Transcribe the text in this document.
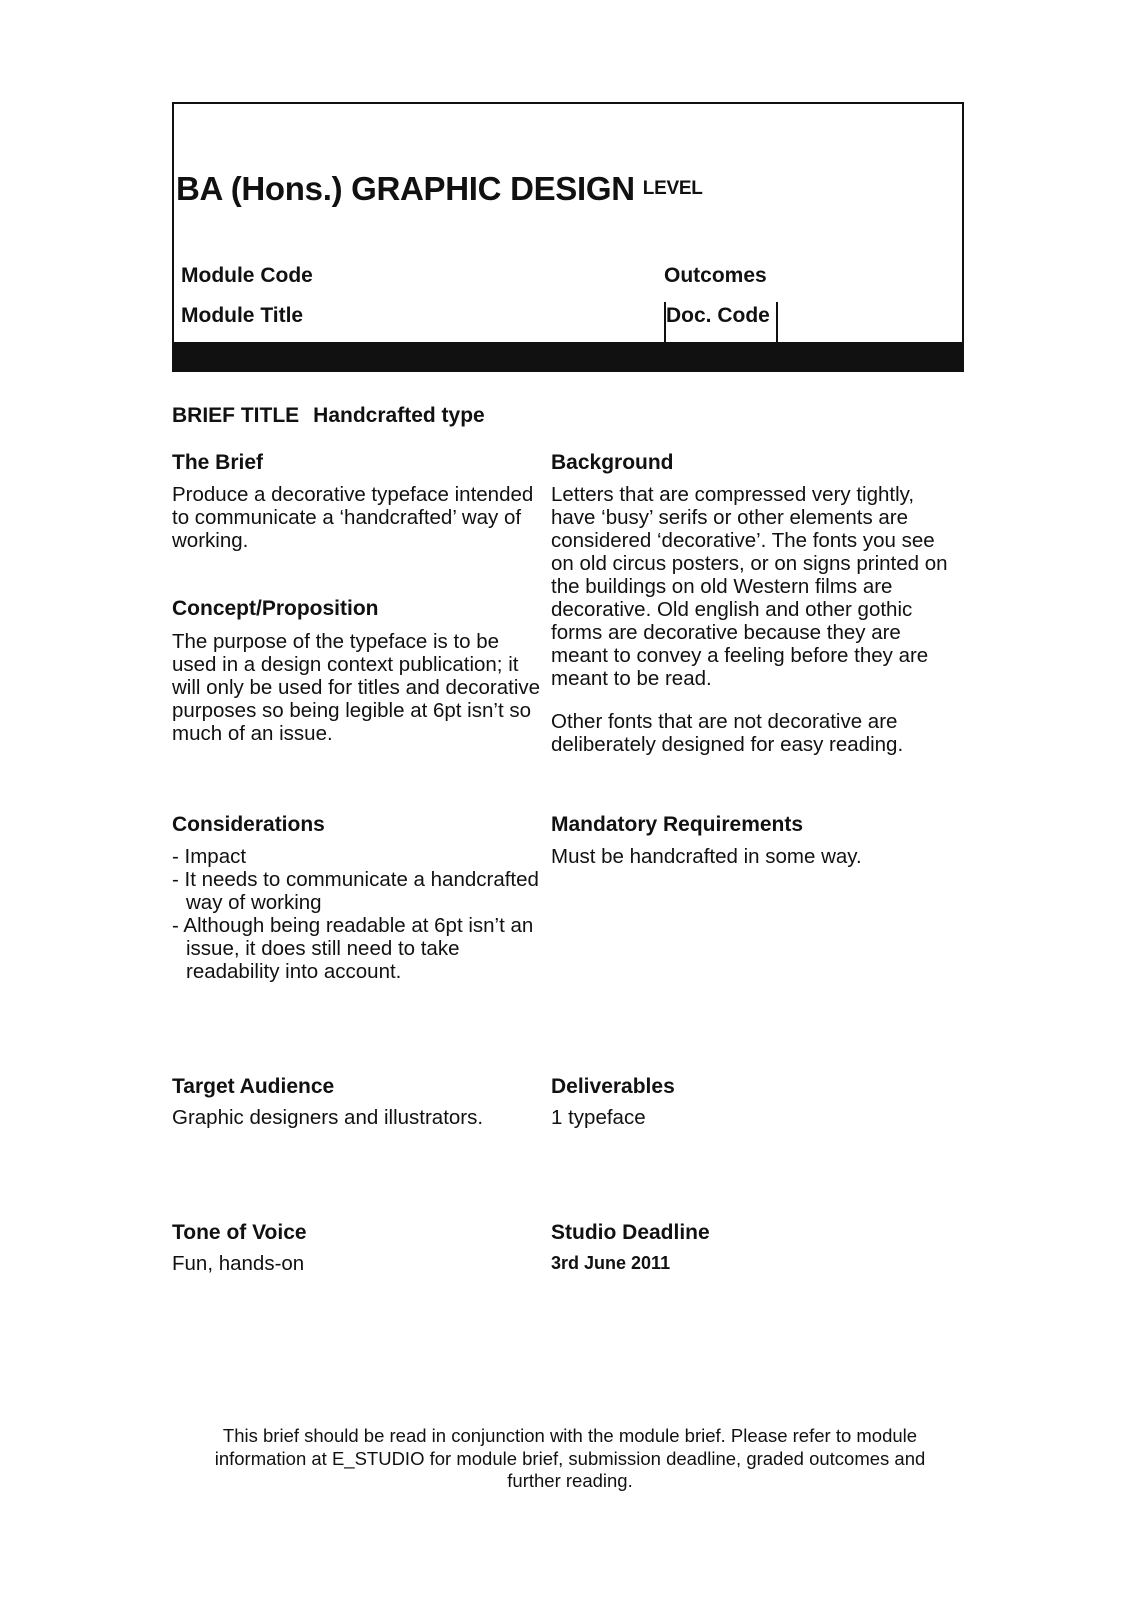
BA (Hons.) GRAPHIC DESIGN LEVEL
Module Code
Module Title
Outcomes
Doc. Code
BRIEF TITLE Handcrafted type
The Brief
Produce a decorative typeface intended to communicate a ‘handcrafted’ way of working.
Concept/Proposition
The purpose of the typeface is to be used in a design context publication; it will only be used for titles and decorative purposes so being legible at 6pt isn’t so much of an issue.
Considerations
- Impact
- It needs to communicate a handcrafted way of working
- Although being readable at 6pt isn’t an issue, it does still need to take readability into account.
Target Audience
Graphic designers and illustrators.
Tone of Voice
Fun, hands-on
Background
Letters that are compressed very tightly, have ‘busy’ serifs or other elements are considered ‘decorative’. The fonts you see on old circus posters, or on signs printed on the buildings on old Western films are decorative. Old english and other gothic forms are decorative because they are meant to convey a feeling before they are meant to be read.
Other fonts that are not decorative are deliberately designed for easy reading.
Mandatory Requirements
Must be handcrafted in some way.
Deliverables
1 typeface
Studio Deadline
3rd June 2011
This brief should be read in conjunction with the module brief. Please refer to module information at E_STUDIO for module brief, submission deadline, graded outcomes and further reading.
